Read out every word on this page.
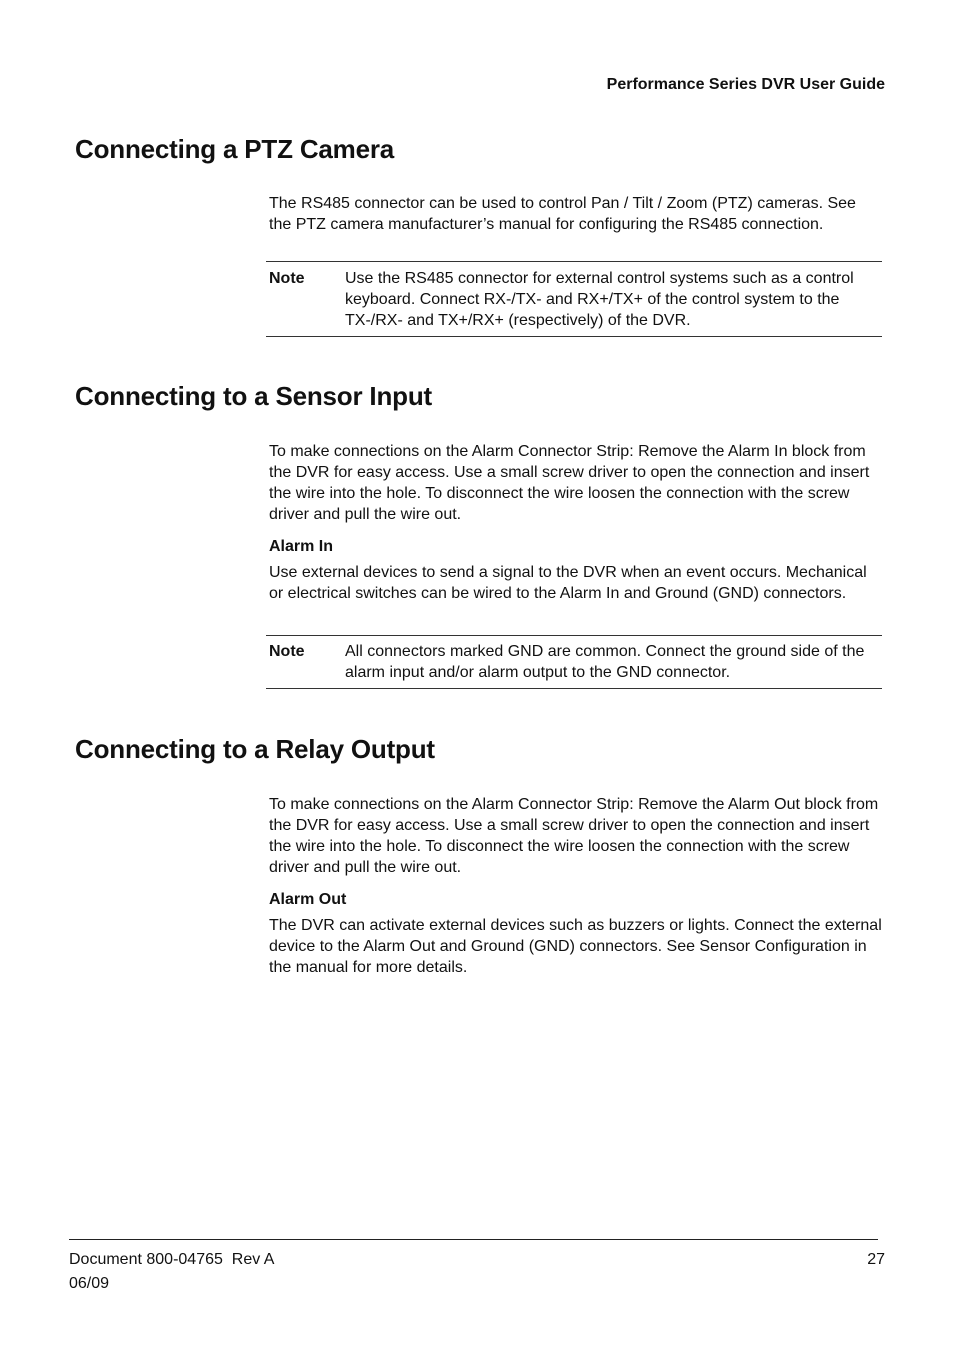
Performance Series DVR User Guide

Connecting a PTZ Camera

The RS485 connector can be used to control Pan / Tilt / Zoom (PTZ) cameras. See the PTZ camera manufacturer’s manual for configuring the RS485 connection.

Note	Use the RS485 connector for external control systems such as a control keyboard. Connect RX-/TX- and RX+/TX+ of the control system to the TX-/RX- and TX+/RX+ (respectively) of the DVR.

Connecting to a Sensor Input

To make connections on the Alarm Connector Strip: Remove the Alarm In block from the DVR for easy access. Use a small screw driver to open the connection and insert the wire into the hole. To disconnect the wire loosen the connection with the screw driver and pull the wire out.

Alarm In

Use external devices to send a signal to the DVR when an event occurs. Mechanical or electrical switches can be wired to the Alarm In and Ground (GND) connectors.

Note	All connectors marked GND are common. Connect the ground side of the alarm input and/or alarm output to the GND connector.

Connecting to a Relay Output

To make connections on the Alarm Connector Strip: Remove the Alarm Out block from the DVR for easy access. Use a small screw driver to open the connection and insert the wire into the hole. To disconnect the wire loosen the connection with the screw driver and pull the wire out.

Alarm Out

The DVR can activate external devices such as buzzers or lights. Connect the external device to the Alarm Out and Ground (GND) connectors. See Sensor Configuration in the manual for more details.

Document 800-04765  Rev A
06/09
27
